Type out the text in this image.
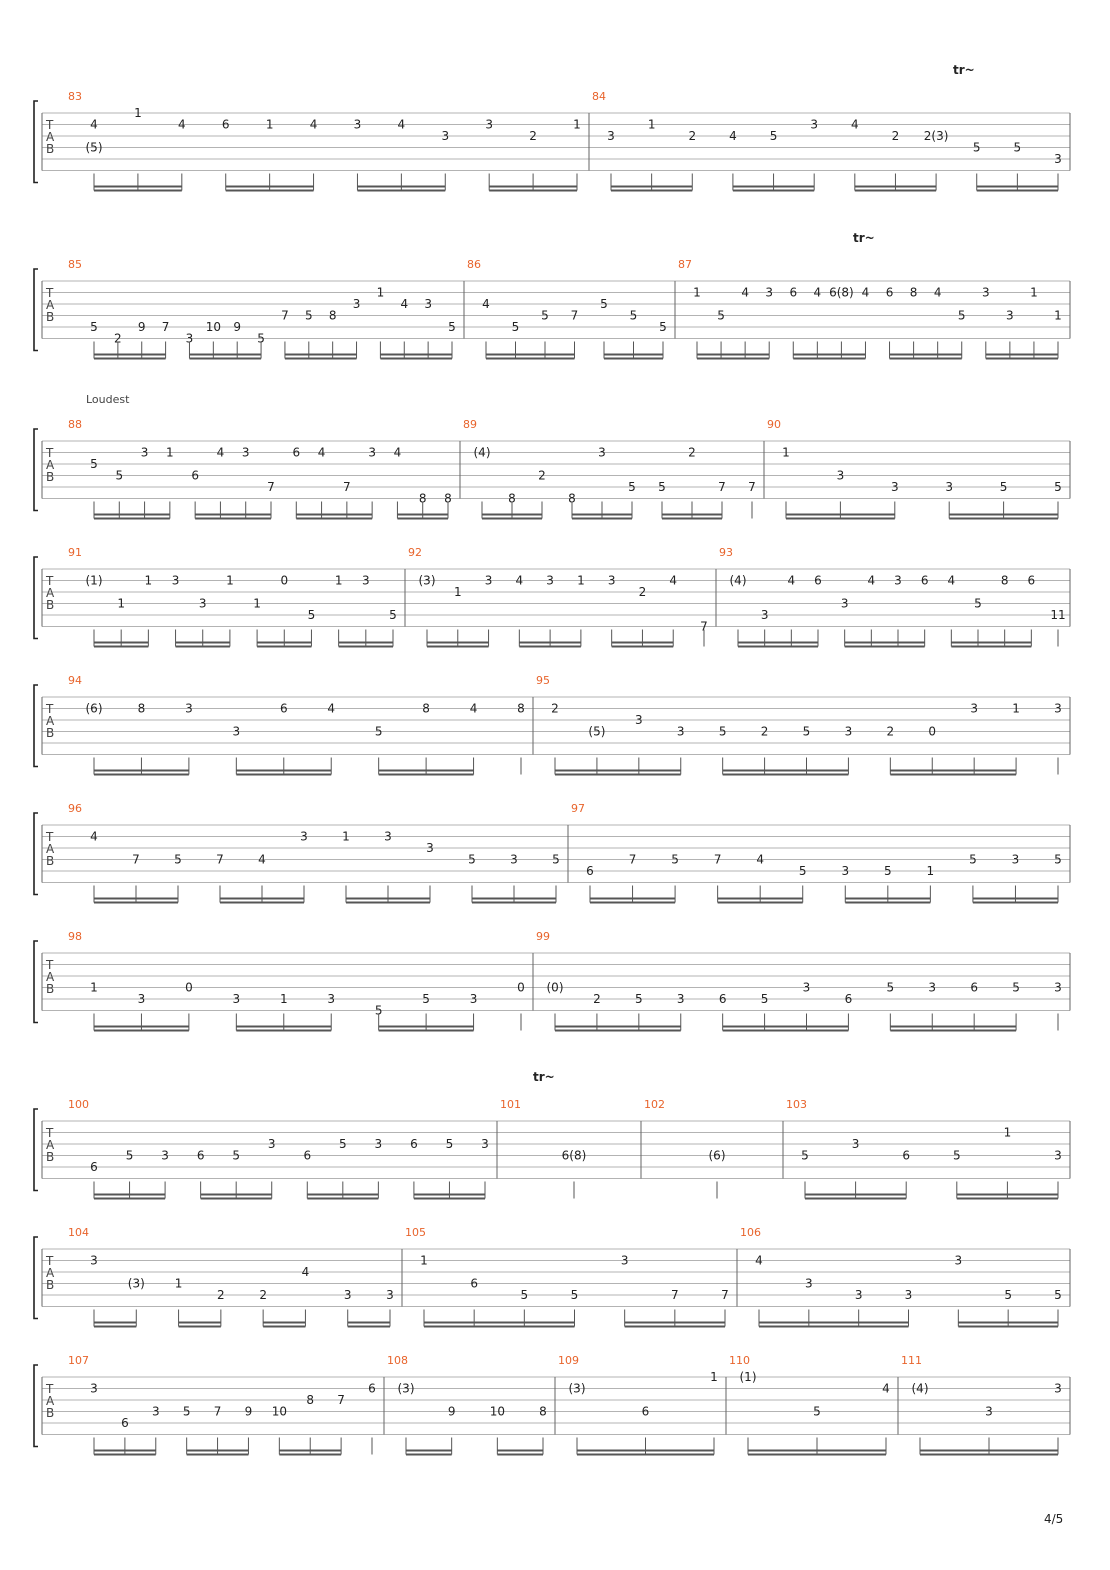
T
A
B
83
4
1
4	6	1	4	3	4
3
3
2
1
84
3
1
2	4	5
3	4
2 2(3)
5	5
3
(5)
T
A
B
85
5
2
9 7
3
10 9
5
7 5 8
3
1
4 3
5
86
4
5
5 7
5
5
5
87
1
5
4 3 6 4 6(8) 4 6 8 4
5
3
3
1
1
T
A
B
88
5
5
3 1
6
4 3
7
6 4
7
3 4
8 8
89
(4)
8
2
8
3
5 5
2
7 7
90
1
3
3	3	5	5
T
A
B
91
(1)
1
1 3
3
1
1
0
5
1 3
5
92
(3)
1
3 4 3 1 3
2
4
7
93
(4)
3
4 6
3
4 3 6 4
5
8 6
11
T
A
B
94
(6)	8	3
3
6	4
5
8	4	8
95
2
(5)
3
3	5	2	5	3	2	0
3	1	3
T
A
B
96
4
7	5	7	4
3	1	3
3
5	3	5
97
6
7	5	7	4
5	3	5	1
5	3	5
T
A
B
98
1
3
0
3	1	3
5
5	3
0
99
(0)
2	5	3	6	5
3
6
5	3	6	5	3
T
A
B
100
6
5 3 6 5
3
6
5 3 6 5 3
101
6(8)
102
(6)
103
5
3
6	5
1
3
T
A
B
104
3
(3) 1
2	2
4
3	3
105
1
6
5	5
3
7	7
106
4
3
3	3
3
5	5
T
A
B
107
3
6
3 5 7 9 10
8 7
6
108
(3)
9	10	8
109
(3)
6
1
110
(1)
5
4
111
(4)
3
3
tr~
tr~
tr~
Loudest
4/5
